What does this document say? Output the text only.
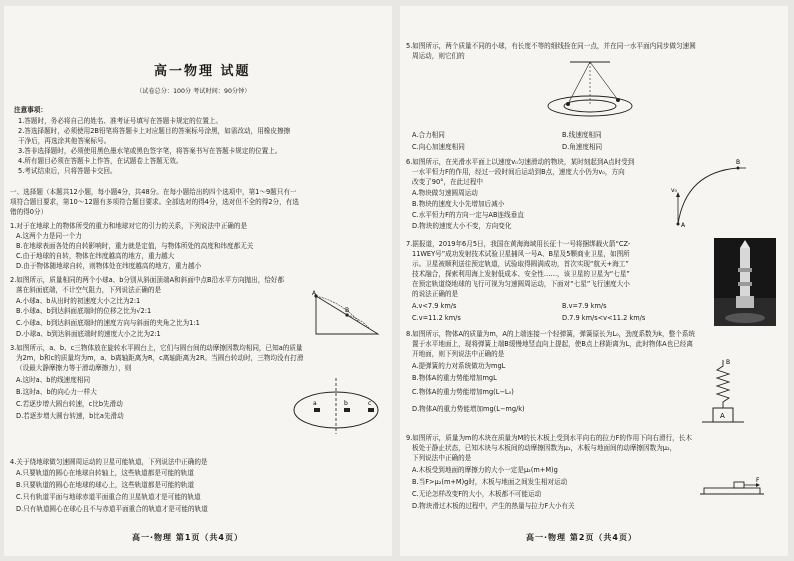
高一物理 试题
（试卷总分：100分 考试时间：90分钟）
注意事项：
1.答题时，务必将自己的姓名、准考证号填写在答题卡规定的位置上。
2.答选择题时，必须使用2B铅笔将答题卡上对应题目的答案标号涂黑，如需改动，用橡皮擦擦
干净后，再选涂其他答案标号。
3.答非选择题时，必须使用黑色墨水笔或黑色签字笔，将答案书写在答题卡规定的位置上。
4.所有题目必须在答题卡上作答，在试题卷上答题无效。
5.考试结束后，只将答题卡交回。
一、选择题（本题共12小题，每小题4分，共48分。在每小题给出的四个选项中，第1～9题只有一
项符合题目要求，第10～12题有多项符合题目要求。全部选对的得4分，选对但不全的得2分，有选
错的得0分）
1.对于在地球上的物体所受的重力和地球对它的引力的关系，下列说法中正确的是
A.这两个力是同一个力
B.在地球表面各处的自转影响时，重力就是定值，与物体所处的高度和纬度都无关
C.由于地球的自转，物体在纬度越高的地方，重力越大
D.由于物体随地球自转，则物体处在纬度越高的地方，重力越小
2.如图所示，质量相同的两个小球a、b分别从斜面顶端A和斜面中点B沿水平方向抛出，恰好都
落在斜面底端，不计空气阻力，下列说法正确的是
A.小球a、b从出时的初速度大小之比为2:1
B.小球a、b到达斜面底端时的位移之比为√2:1
C.小球a、b到达斜面底端时的速度方向与斜面的夹角之比为1:1
D.小球a、b到达斜面底端时的速度大小之比为2:1
A
B
3.如图所示，a、b、c三物体放在旋转水平圆台上，它们与圆台间的动摩擦因数均相同，已知a的质量
为2m，b和c的质量均为m，a、b离轴距离为R，c离轴距离为2R。当圆台转动时，三物均没有打滑
（设最大静摩擦力等于滑动摩擦力），则
A.这时a、b的线速度相同
B.这时a、b的向心力一样大
C.若逐步增大圆台转速，c比b先滑动
D.若逐步增大圆台转速，b比a先滑动
a	b	c
4.关于绕地球做匀速圆周运动的卫星可能轨道，下列说法中正确的是
A.只要轨道的圆心在地球自转轴上，这些轨道都是可能的轨道
B.只要轨道的圆心在地球的球心上，这些轨道都是可能的轨道
C.只有轨道平面与地球赤道平面重合的卫星轨道才是可能的轨道
D.只有轨道圆心在球心且不与赤道平面重合的轨道才是可能的轨道
高一·物理 第1页（共4页）
5.如图所示，两个质量不同的小球，有长度不等的细线拴在同一点，并在同一水平面内同步做匀速圆
周运动，则它们的
A.合力相同	B.线速度相同
C.向心加速度相同	D.角速度相同
6.如图所示，在光滑水平面上以速度v₀匀速滑动的物块，某时刻起到A点时受到
一水平恒力F的作用，经过一段时间后运动到B点，速度大小仍为v₀，方向
改变了90°，在此过程中
A.物块做匀速圆周运动
B.物块的速度大小先增加后减小
C.水平恒力F的方向一定与AB连线垂直
D.物块的速度大小不变，方向变化
B
A
v₀
7.据报道，2019年6月5日，我国在黄海海域用长征十一号将捆绑载火箭“CZ-
11WEY号”成功发射技术试验卫星捕风一号A、B星及5颗商业卫星，如图所
示。卫星被顺利送往预定轨道，试验取得圆满成功，首次实现“航天+海工”
技术融合，探索利用海上发射低成本、安全性……，该卫星的卫星为“七星”
在预定轨道绕地球的飞行可视为匀速圆周运动，下面对“七星”飞行速度大小
的说法正确的是
A.v<7.9 km/s	B.v=7.9 km/s
C.v=11.2 km/s	D.7.9 km/s<v<11.2 km/s
8.如图所示，物体A的质量为m，A的上端连接一个轻弹簧，弹簧原长为L₀，劲度系数为k，整个系统
置于水平地面上，现将弹簧上端B缓慢地竖直向上提起，使B点上移距离为L，此时物体A也已经离
开地面，则下列说法中正确的是
A.提弹簧的力对系统做功为mgL
B.物体A的重力势能增加mgL
C.物体A的重力势能增加mg(L−L₀)
D.物体A的重力势能增加mg(L−mg/k)
B
A
9.如图所示，质量为m的木块在质量为M的长木板上受到水平向右的拉力F的作用下向右滑行，长木
板处于静止状态，已知木块与木板间的动摩擦因数为μ₁，木板与地面间的动摩擦因数为μ₂，
下列说法中正确的是
A.木板受到地面的摩擦力的大小一定是μ₂(m+M)g
B.当F>μ₂(m+M)g时，木板与地面之间发生相对运动
C.无论怎样改变F的大小，木板都不可能运动
D.物块滑过木板的过程中，产生的热量与拉力F大小有关
F
高一·物理 第2页（共4页）
